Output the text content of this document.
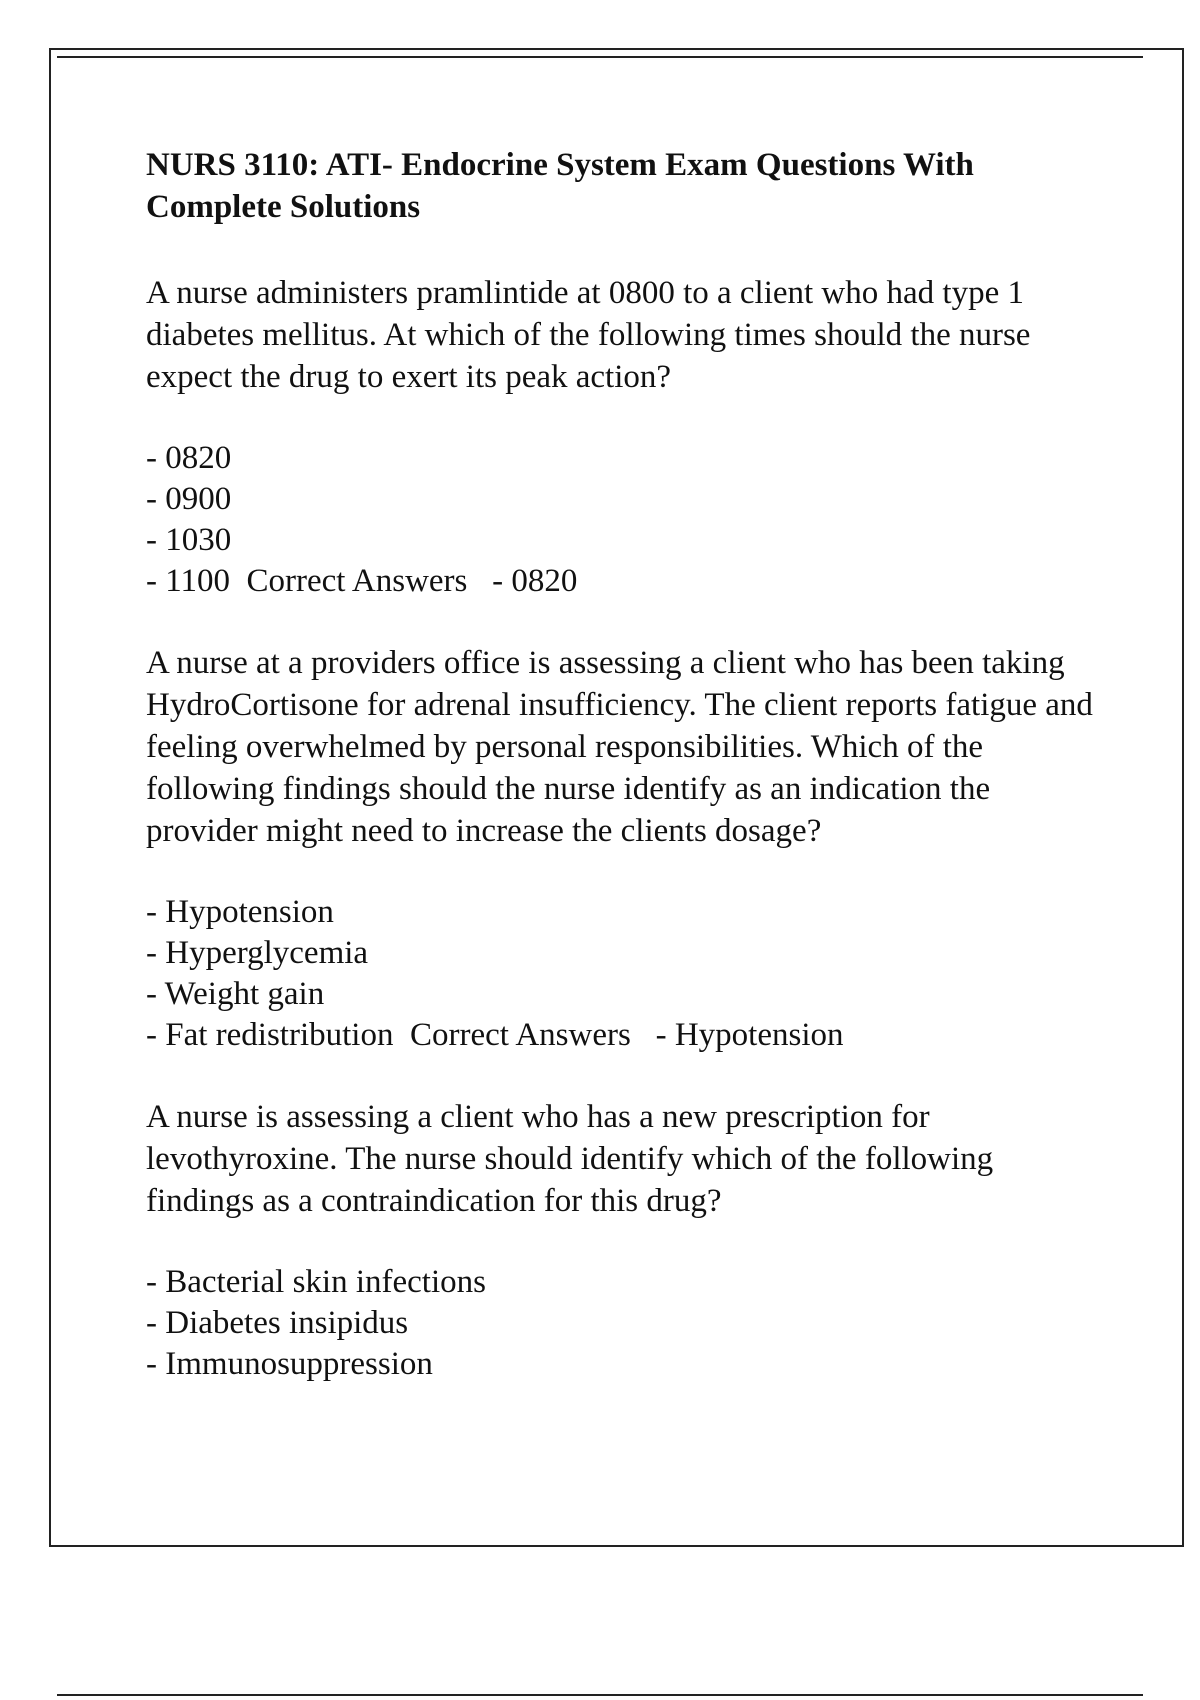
NURS 3110: ATI- Endocrine System Exam Questions With Complete Solutions

A nurse administers pramlintide at 0800 to a client who had type 1 diabetes mellitus. At which of the following times should the nurse expect the drug to exert its peak action?

- 0820
- 0900
- 1030
- 1100 Correct Answers - 0820

A nurse at a providers office is assessing a client who has been taking HydroCortisone for adrenal insufficiency. The client reports fatigue and feeling overwhelmed by personal responsibilities. Which of the following findings should the nurse identify as an indication the provider might need to increase the clients dosage?

- Hypotension
- Hyperglycemia
- Weight gain
- Fat redistribution Correct Answers - Hypotension

A nurse is assessing a client who has a new prescription for levothyroxine. The nurse should identify which of the following findings as a contraindication for this drug?

- Bacterial skin infections
- Diabetes insipidus
- Immunosuppression
